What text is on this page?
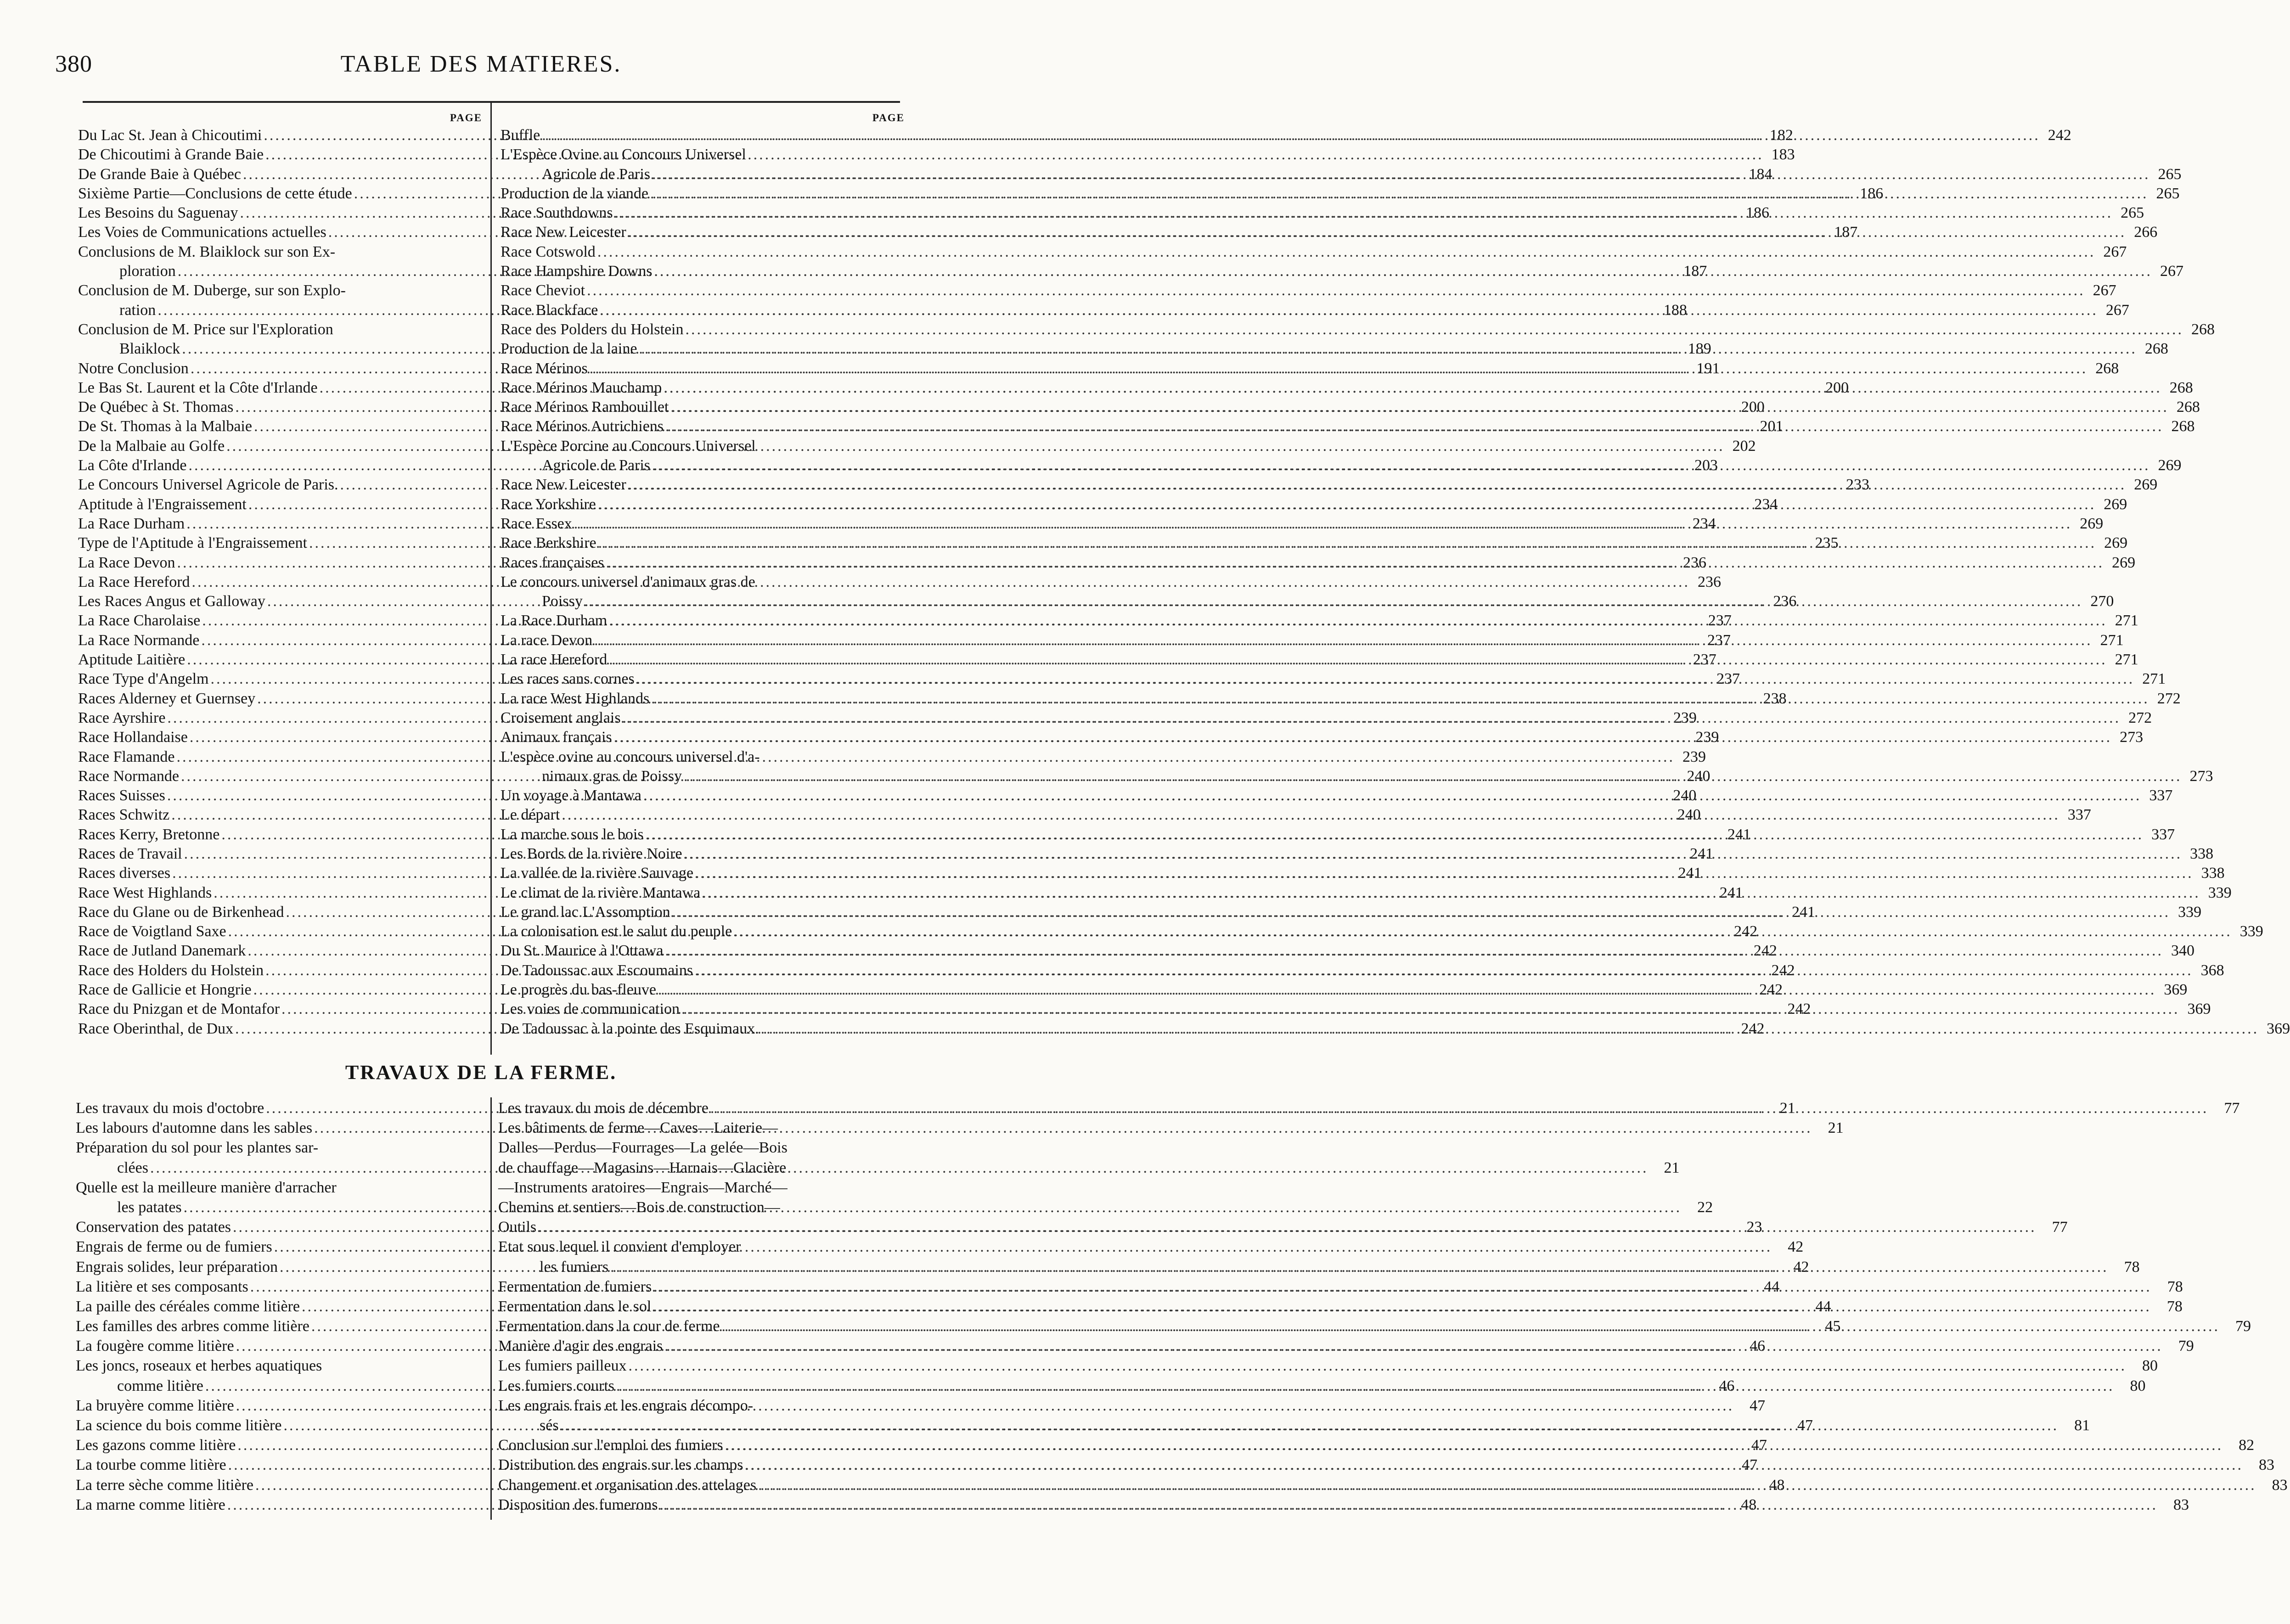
380	TABLE DES MATIERES.
PAGE
Du Lac St. Jean à Chicoutimi .....	182
De Chicoutimi à Grande Baie .....	183
De Grande Baie à Québec .....	184
Sixième Partie—Conclusions de cette étude .....	186
Les Besoins du Saguenay .....	186
Les Voies de Communications actuelles .....	187
Conclusions de M. Blaiklock sur son Ex-
ploration .....	187
Conclusion de M. Duberge, sur son Explo-
ration .....	188
Conclusion de M. Price sur l'Exploration
Blaiklock .....	189
Notre Conclusion .....	191
Le Bas St. Laurent et la Côte d'Irlande .....	200
De Québec à St. Thomas .....	200
De St. Thomas à la Malbaie .....	201
De la Malbaie au Golfe .....	202
La Côte d'Irlande .....	203
Le Concours Universel Agricole de Paris. .....	233
Aptitude à l'Engraissement .....	234
La Race Durham .....	234
Type de l'Aptitude à l'Engraissement .....	235
La Race Devon .....	236
La Race Hereford .....	236
Les Races Angus et Galloway .....	236
La Race Charolaise .....	237
La Race Normande .....	237
Aptitude Laitière .....	237
Race Type d'Angelm .....	237
Races Alderney et Guernsey .....	238
Race Ayrshire .....	239
Race Hollandaise .....	239
Race Flamande .....	239
Race Normande .....	240
Races Suisses .....	240
Races Schwitz .....	240
Races Kerry, Bretonne .....	241
Races de Travail .....	241
Races diverses .....	241
Race West Highlands .....	241
Race du Glane ou de Birkenhead .....	241
Race de Voigtland Saxe .....	242
Race de Jutland Danemark .....	242
Race des Holders du Holstein .....	242
Race de Gallicie et Hongrie .....	242
Race du Pnizgan et de Montafor .....	242
Race Oberinthal, de Dux .....	242
PAGE
Buffle .....	242
L'Espèce Ovine au Concours Universel
Agricole de Paris .....	265
Production de la viande .....	265
Race Southdowns .....	265
Race New Leicester .....	266
Race Cotswold .....	267
Race Hampshire Downs .....	267
Race Cheviot .....	267
Race Blackface .....	267
Race des Polders du Holstein .....	268
Production de la laine .....	268
Race Mérinos .....	268
Race Mérinos Mauchamp .....	268
Race Mérinos Rambouillet .....	268
Race Mérinos Autrichiens .....	268
L'Espèce Porcine au Concours Universel
Agricole de Paris .....	269
Race New Leicester .....	269
Race Yorkshire .....	269
Race Essex .....	269
Race Berkshire .....	269
Races françaises .....	269
Le concours universel d'animaux gras de
Poissy .....	270
La Race Durham .....	271
La race Devon .....	271
La race Hereford .....	271
Les races sans cornes .....	271
La race West Highlands .....	272
Croisement anglais .....	272
Animaux français .....	273
L'espèce ovine au concours universel d'a-
nimaux gras de Poissy .....	273
Un voyage à Mantawa .....	337
Le départ .....	337
La marche sous le bois .....	337
Les Bords de la rivière Noire .....	338
La vallée de la rivière Sauvage .....	338
Le climat de la rivière Mantawa .....	339
Le grand lac L'Assomption .....	339
La colonisation est le salut du peuple .....	339
Du St. Maurice à l'Ottawa .....	340
De Tadoussac aux Escoumains .....	368
Le progrès du bas-fleuve .....	369
Les voies de communication .....	369
De Tadoussac à la pointe des Esquimaux. .....	369
TRAVAUX DE LA FERME.
Les travaux du mois d'octobre .....	21
Les labours d'automne dans les sables .....	21
Préparation du sol pour les plantes sar-
clées .....	21
Quelle est la meilleure manière d'arracher
les patates .....	22
Conservation des patates .....	23
Engrais de ferme ou de fumiers .....	42
Engrais solides, leur préparation .....	42
La litière et ses composants .....	44
La paille des céréales comme litière .....	44
Les familles des arbres comme litière .....	45
La fougère comme litière .....	46
Les joncs, roseaux et herbes aquatiques
comme litière .....	46
La bruyère comme litière .....	47
La science du bois comme litière .....	47
Les gazons comme litière .....	47
La tourbe comme litière .....	47
La terre sèche comme litière .....	48
La marne comme litière .....	48
Les travaux du mois de décembre .....	77
Les bâtiments de ferme—Caves—Laiterie—
Dalles—Perdus—Fourrages—La gelée—Bois
de chauffage—Magasins—Harnais—Glacière
—Instruments aratoires—Engrais—Marché—
Chemins et sentiers—Bois de construction—
Outils .....	77
Etat sous lequel il convient d'employer
les fumiers .....	78
Fermentation de fumiers .....	78
Fermentation dans le sol .....	78
Fermentation dans la cour de ferme .....	79
Manière d'agir des engrais .....	79
Les fumiers pailleux .....	80
Les fumiers courts .....	80
Les engrais frais et les engrais décompo-
sés .....	81
Conclusion sur l'emploi des fumiers .....	82
Distribution des engrais sur les champs .....	83
Changement et organisation des attelages .....	83
Disposition des fumerons .....	83
